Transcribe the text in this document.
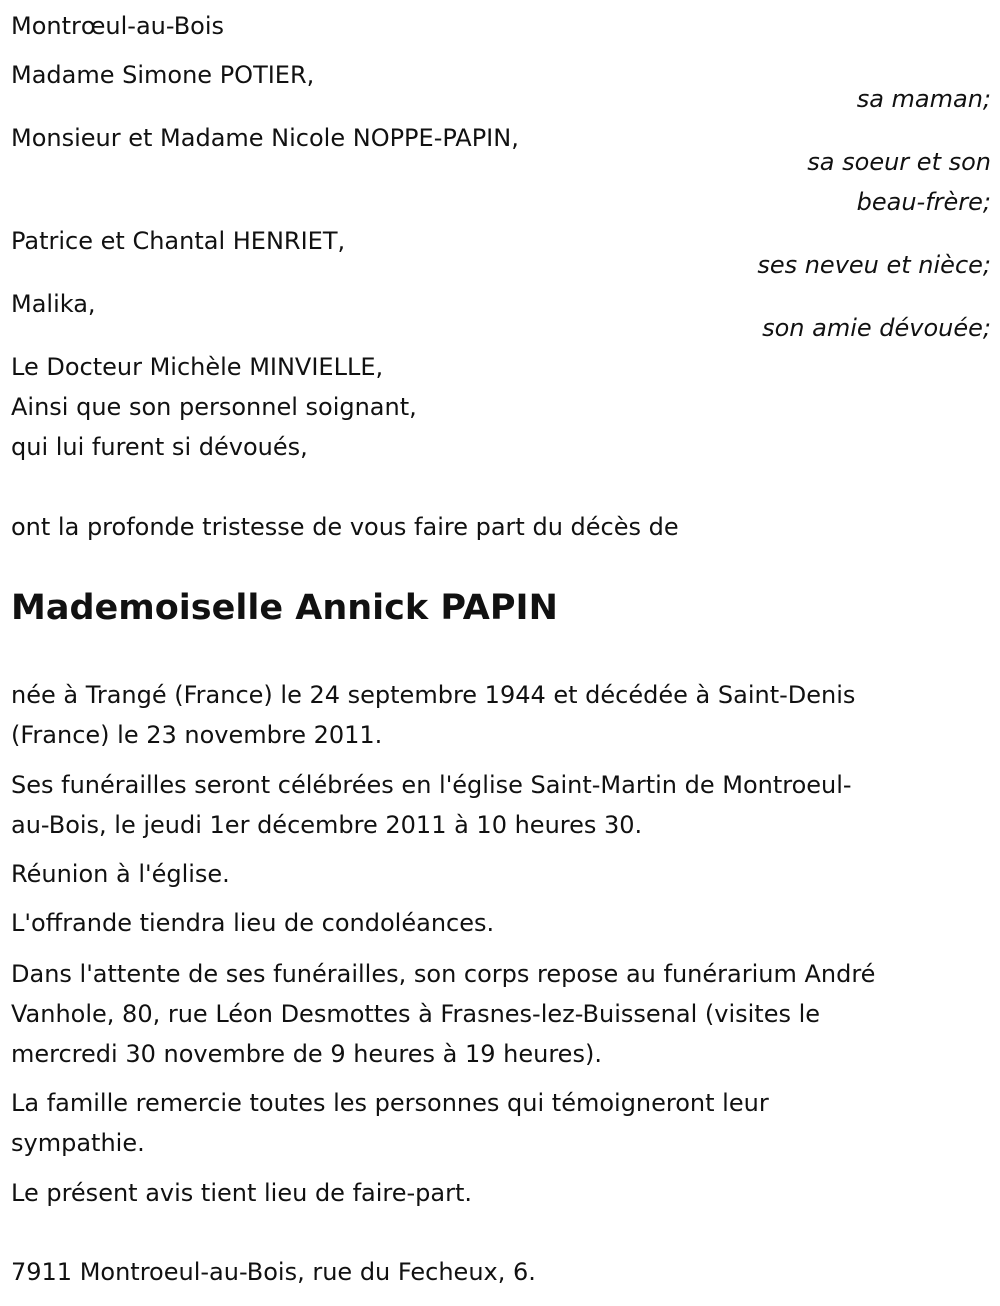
Montrœul-au-Bois

Madame Simone POTIER,

sa maman;

Monsieur et Madame Nicole NOPPE-PAPIN,

sa soeur et son

beau-frère;

Patrice et Chantal HENRIET,

ses neveu et nièce;

Malika,

son amie dévouée;

Le Docteur Michèle MINVIELLE,

Ainsi que son personnel soignant,

qui lui furent si dévoués,

ont la profonde tristesse de vous faire part du décès de

Mademoiselle Annick PAPIN

née à Trangé (France) le 24 septembre 1944 et décédée à Saint-Denis

(France) le 23 novembre 2011.

Ses funérailles seront célébrées en l'église Saint-Martin de Montroeul-

au-Bois, le jeudi 1er décembre 2011 à 10 heures 30.

Réunion à l'église.

L'offrande tiendra lieu de condoléances.

Dans l'attente de ses funérailles, son corps repose au funérarium André

Vanhole, 80, rue Léon Desmottes à Frasnes-lez-Buissenal (visites le

mercredi 30 novembre de 9 heures à 19 heures).

La famille remercie toutes les personnes qui témoigneront leur

sympathie.

Le présent avis tient lieu de faire-part.

7911 Montroeul-au-Bois, rue du Fecheux, 6.
